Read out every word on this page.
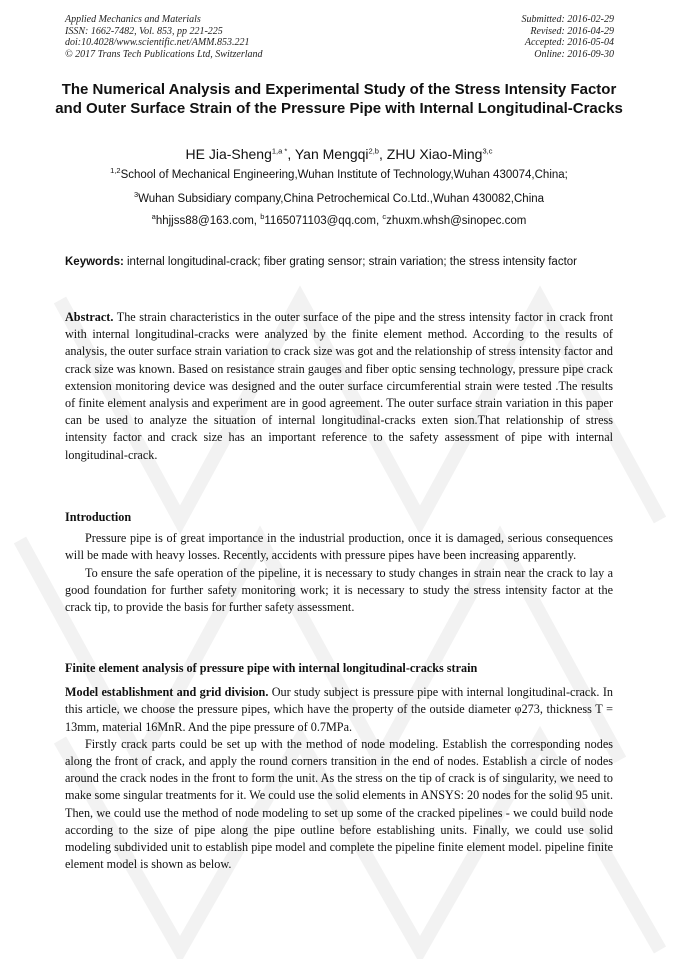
Applied Mechanics and Materials
ISSN: 1662-7482, Vol. 853, pp 221-225
doi:10.4028/www.scientific.net/AMM.853.221
© 2017 Trans Tech Publications Ltd, Switzerland
Submitted: 2016-02-29
Revised: 2016-04-29
Accepted: 2016-05-04
Online: 2016-09-30
The Numerical Analysis and Experimental Study of the Stress Intensity Factor and Outer Surface Strain of the Pressure Pipe with Internal Longitudinal-Cracks
HE Jia-Sheng$^{1,a *}$, Yan Mengqi$^{2,b}$, ZHU Xiao-Ming$^{3,c}$
$^{1,2}$School of Mechanical Engineering,Wuhan Institute of Technology,Wuhan 430074,China;
$^3$Wuhan Subsidiary company,China Petrochemical Co.Ltd.,Wuhan 430082,China
$^a$hhjjss88@163.com, $^b$1165071103@qq.com, $^c$zhuxm.whsh@sinopec.com
Keywords: internal longitudinal-crack; fiber grating sensor; strain variation; the stress intensity factor

Abstract. The strain characteristics in the outer surface of the pipe and the stress intensity factor in crack front with internal longitudinal-cracks were analyzed by the finite element method. According to the results of analysis, the outer surface strain variation to crack size was got and the relationship of stress intensity factor and crack size was known. Based on resistance strain gauges and fiber optic sensing technology, pressure pipe crack extension monitoring device was designed and the outer surface circumferential strain were tested .The results of finite element analysis and experiment are in good agreement. The outer surface strain variation in this paper can be used to analyze the situation of internal longitudinal-cracks exten sion.That relationship of stress intensity factor and crack size has an important reference to the safety assessment of pipe with internal longitudinal-crack.

Introduction

Pressure pipe is of great importance in the industrial production, once it is damaged, serious consequences will be made with heavy losses. Recently, accidents with pressure pipes have been increasing apparently.

To ensure the safe operation of the pipeline, it is necessary to study changes in strain near the crack to lay a good foundation for further safety monitoring work; it is necessary to study the stress intensity factor at the crack tip, to provide the basis for further safety assessment.

Finite element analysis of pressure pipe with internal longitudinal-cracks strain

Model establishment and grid division. Our study subject is pressure pipe with internal longitudinal-crack. In this article, we choose the pressure pipes, which have the property of the outside diameter φ273, thickness T = 13mm, material 16MnR. And the pipe pressure of 0.7MPa.

Firstly crack parts could be set up with the method of node modeling. Establish the corresponding nodes along the front of crack, and apply the round corners transition in the end of nodes. Establish a circle of nodes around the crack nodes in the front to form the unit. As the stress on the tip of crack is of singularity, we need to make some singular treatments for it. We could use the solid elements in ANSYS: 20 nodes for the solid 95 unit. Then, we could use the method of node modeling to set up some of the cracked pipelines - we could build node according to the size of pipe along the pipe outline before establishing units. Finally, we could use solid modeling subdivided unit to establish pipe model and complete the pipeline finite element model. pipeline finite element model is shown as below.
